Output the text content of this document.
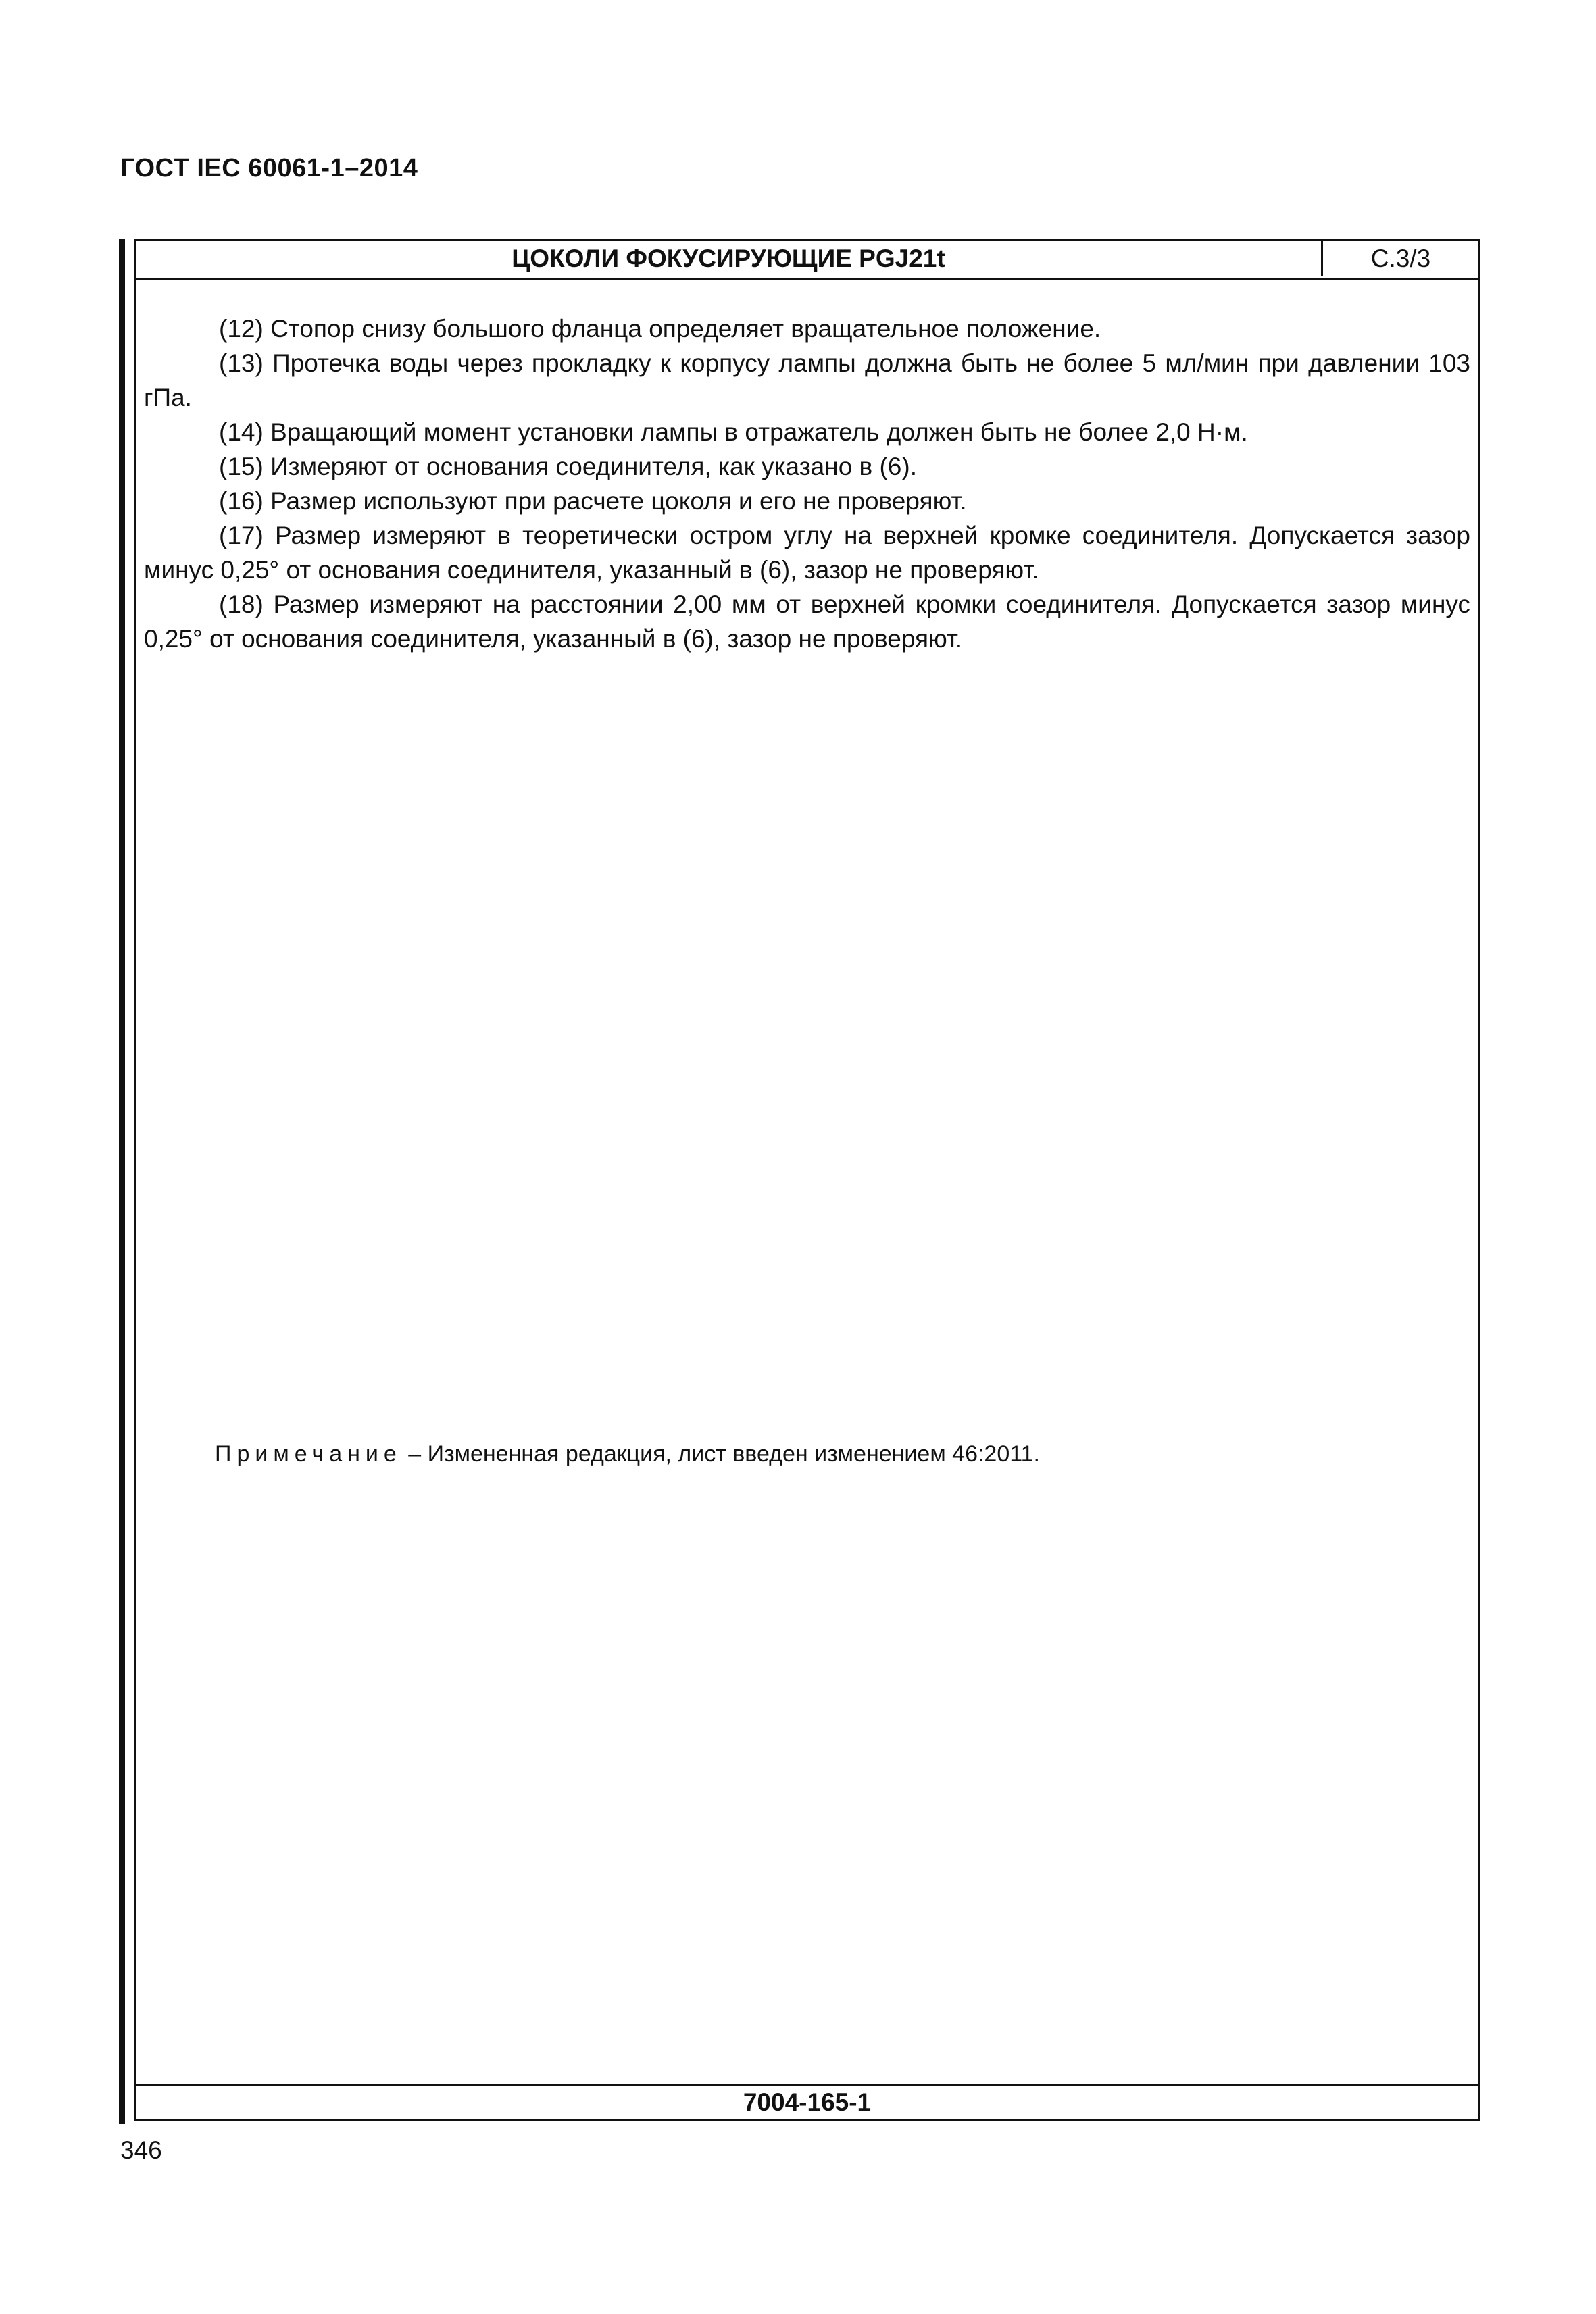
ГОСТ IEC 60061-1–2014
ЦОКОЛИ ФОКУСИРУЮЩИЕ PGJ21t	С.3/3

(12) Стопор снизу большого фланца определяет вращательное положение.

(13) Протечка воды через прокладку к корпусу лампы должна быть не более 5 мл/мин при давлении 103 гПа.

(14) Вращающий момент установки лампы в отражатель должен быть не более 2,0 Н·м.

(15) Измеряют от основания соединителя, как указано в (6).

(16) Размер используют при расчете цоколя и его не проверяют.

(17) Размер измеряют в теоретически остром углу на верхней кромке соединителя. Допускается зазор минус 0,25° от основания соединителя, указанный в (6), зазор не проверяют.

(18) Размер измеряют на расстоянии 2,00 мм от верхней кромки соединителя. Допускается зазор минус 0,25° от основания соединителя, указанный в (6), зазор не проверяют.

Примечание – Измененная редакция, лист введен изменением 46:2011.
7004-165-1
346
